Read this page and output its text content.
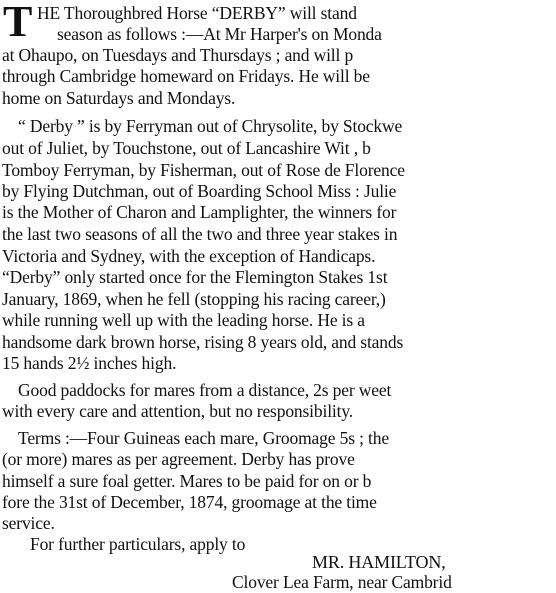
T HE Thoroughbred Horse “DERBY” will stand
season as follows :—At Mr Harper's on Monda
at Ohaupo, on Tuesdays and Thursdays ; and will p
through Cambridge homeward on Fridays. He will be
home on Saturdays and Mondays.
“ Derby ” is by Ferryman out of Chrysolite, by Stockwe
out of Juliet, by Touchstone, out of Lancashire Wit , b
Tomboy Ferryman, by Fisherman, out of Rose de Florence
by Flying Dutchman, out of Boarding School Miss : Julie
is the Mother of Charon and Lamplighter, the winners for
the last two seasons of all the two and three year stakes in
Victoria and Sydney, with the exception of Handicaps.
“Derby” only started once for the Flemington Stakes 1st
January, 1869, when he fell (stopping his racing career,)
while running well up with the leading horse. He is a
handsome dark brown horse, rising 8 years old, and stands
15 hands 2½ inches high.
Good paddocks for mares from a distance, 2s per weet
with every care and attention, but no responsibility.
Terms :—Four Guineas each mare, Groomage 5s ; the
(or more) mares as per agreement. Derby has prove
himself a sure foal getter. Mares to be paid for on or b
fore the 31st of December, 1874, groomage at the time
service.
For further particulars, apply to
MR. HAMILTON,
Clover Lea Farm, near Cambrid
